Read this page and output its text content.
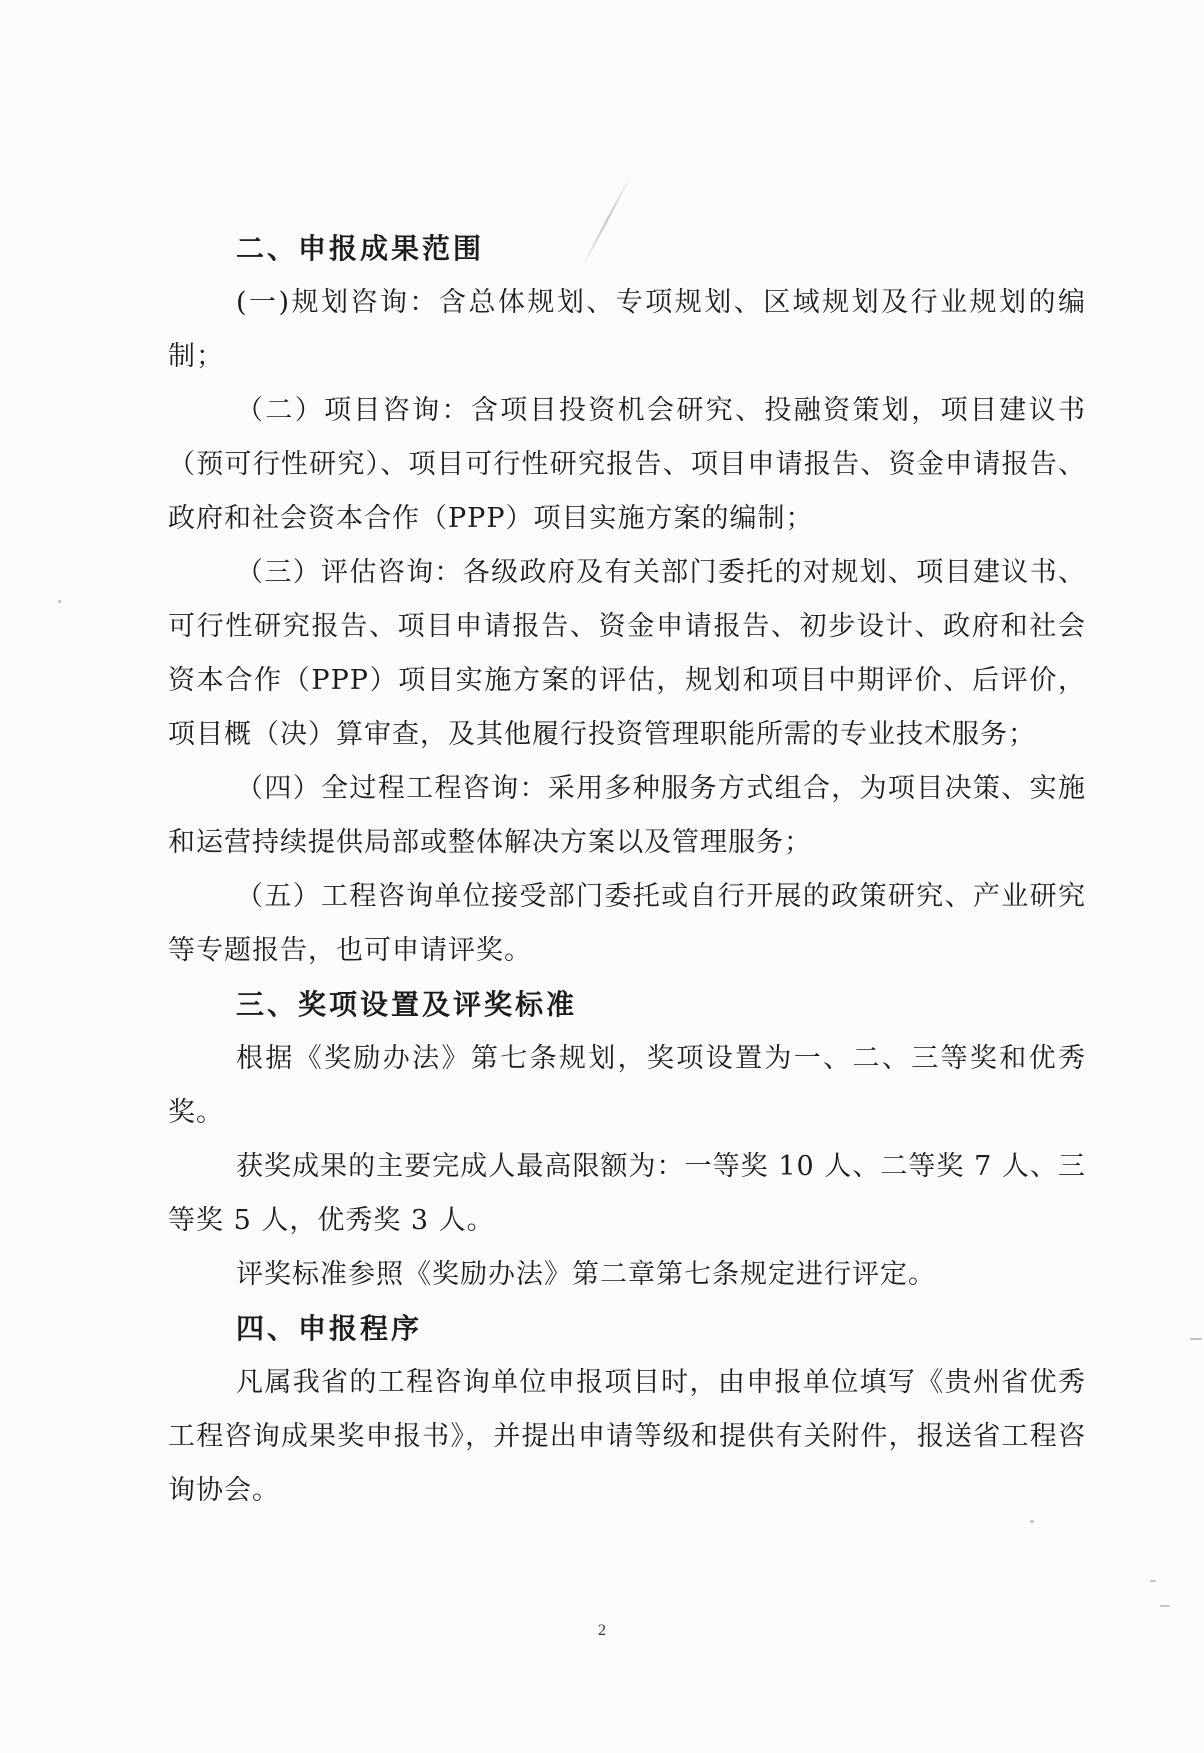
二、申报成果范围

(一)规划咨询：含总体规划、专项规划、区域规划及行业规划的编制；

（二）项目咨询：含项目投资机会研究、投融资策划，项目建议书（预可行性研究）、项目可行性研究报告、项目申请报告、资金申请报告、政府和社会资本合作（PPP）项目实施方案的编制；

（三）评估咨询：各级政府及有关部门委托的对规划、项目建议书、可行性研究报告、项目申请报告、资金申请报告、初步设计、政府和社会资本合作（PPP）项目实施方案的评估，规划和项目中期评价、后评价，项目概（决）算审查，及其他履行投资管理职能所需的专业技术服务；

（四）全过程工程咨询：采用多种服务方式组合，为项目决策、实施和运营持续提供局部或整体解决方案以及管理服务；

（五）工程咨询单位接受部门委托或自行开展的政策研究、产业研究等专题报告，也可申请评奖。

三、奖项设置及评奖标准

根据《奖励办法》第七条规划，奖项设置为一、二、三等奖和优秀奖。

获奖成果的主要完成人最高限额为：一等奖 10 人、二等奖 7 人、三等奖 5 人，优秀奖 3 人。

评奖标准参照《奖励办法》第二章第七条规定进行评定。

四、申报程序

凡属我省的工程咨询单位申报项目时，由申报单位填写《贵州省优秀工程咨询成果奖申报书》，并提出申请等级和提供有关附件，报送省工程咨询协会。

2
